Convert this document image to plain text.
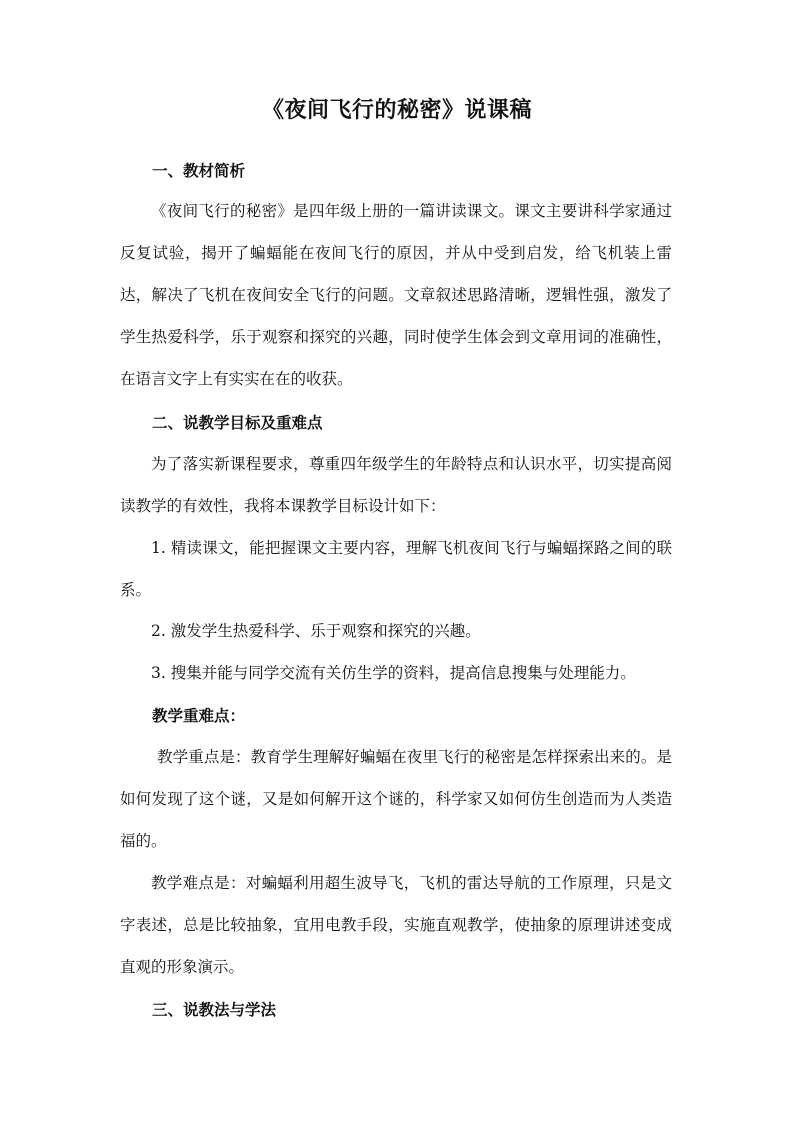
《夜间飞行的秘密》说课稿
一、教材简析
《夜间飞行的秘密》是四年级上册的一篇讲读课文。课文主要讲科学家通过反复试验，揭开了蝙蝠能在夜间飞行的原因，并从中受到启发，给飞机装上雷达，解决了飞机在夜间安全飞行的问题。文章叙述思路清晰，逻辑性强，激发了学生热爱科学，乐于观察和探究的兴趣，同时使学生体会到文章用词的准确性，在语言文字上有实实在在的收获。
二、说教学目标及重难点
为了落实新课程要求，尊重四年级学生的年龄特点和认识水平，切实提高阅读教学的有效性，我将本课教学目标设计如下：
1. 精读课文，能把握课文主要内容，理解飞机夜间飞行与蝙蝠探路之间的联系。
2. 激发学生热爱科学、乐于观察和探究的兴趣。
3. 搜集并能与同学交流有关仿生学的资料，提高信息搜集与处理能力。
教学重难点：
教学重点是：教育学生理解好蝙蝠在夜里飞行的秘密是怎样探索出来的。是如何发现了这个谜，又是如何解开这个谜的，科学家又如何仿生创造而为人类造福的。
教学难点是：对蝙蝠利用超生波导飞，飞机的雷达导航的工作原理，只是文字表述，总是比较抽象，宜用电教手段，实施直观教学，使抽象的原理讲述变成直观的形象演示。
三、说教法与学法
